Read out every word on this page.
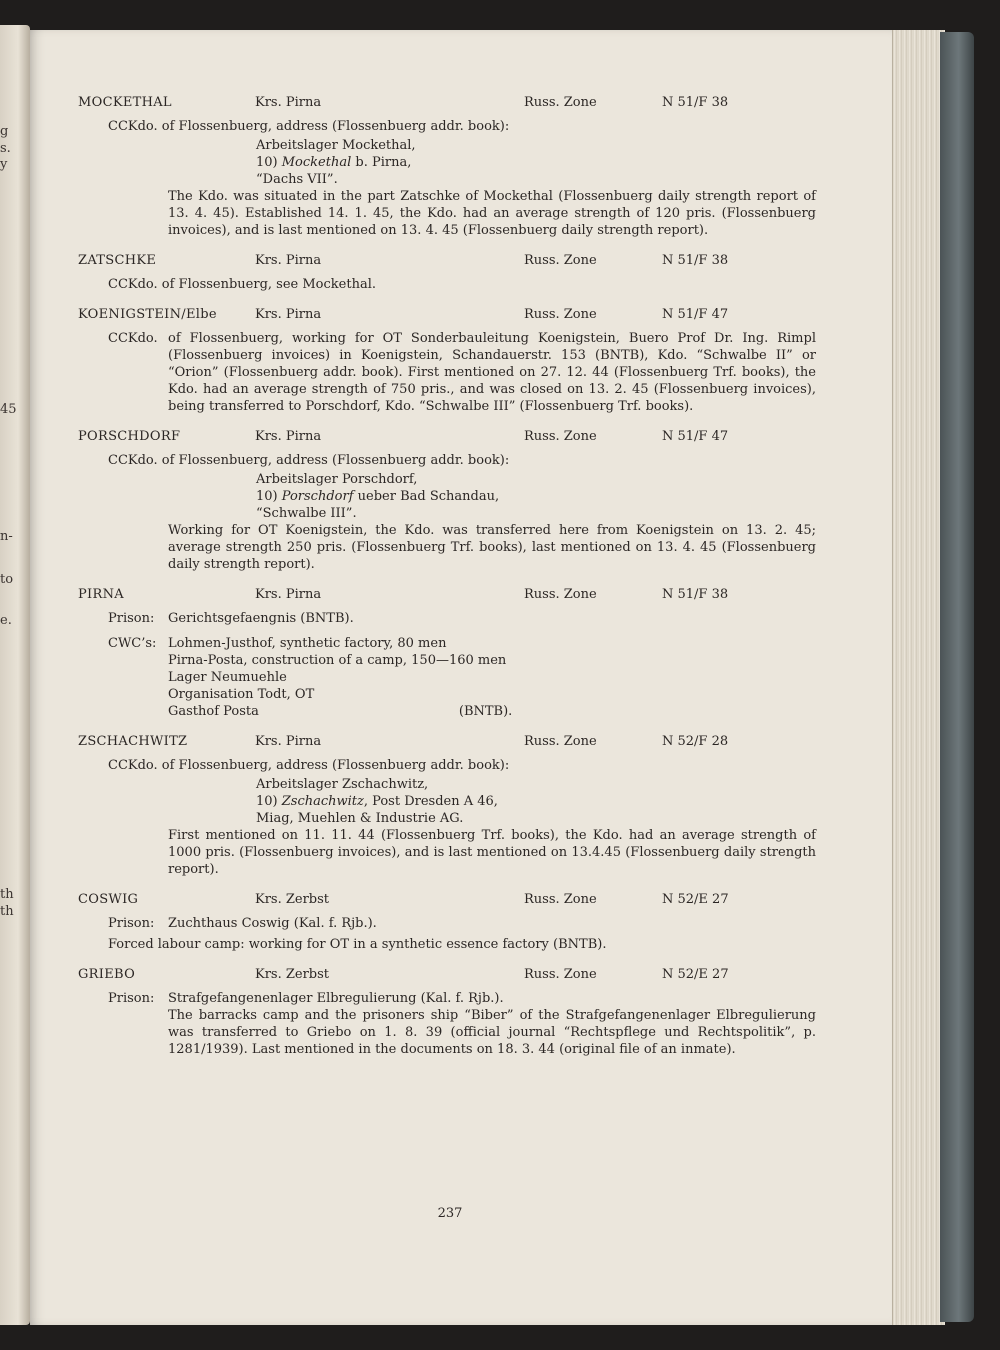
g
s.
y
45
n-
to
e.
th
th
MOCKETHAL	Krs. Pirna	Russ. Zone	N 51/F 38
CCKdo. of Flossenbuerg, address (Flossenbuerg addr. book):
Arbeitslager Mockethal,
10) Mockethal b. Pirna,
“Dachs VII”.
The Kdo. was situated in the part Zatschke of Mockethal (Flossenbuerg daily strength report of 13. 4. 45). Established 14. 1. 45, the Kdo. had an average strength of 120 pris. (Flossenbuerg invoices), and is last mentioned on 13. 4. 45 (Flossenbuerg daily strength report).
ZATSCHKE	Krs. Pirna	Russ. Zone	N 51/F 38
CCKdo. of Flossenbuerg, see Mockethal.
KOENIGSTEIN/Elbe	Krs. Pirna	Russ. Zone	N 51/F 47
CCKdo. of Flossenbuerg, working for OT Sonderbauleitung Koenigstein, Buero Prof Dr. Ing. Rimpl (Flossenbuerg invoices) in Koenigstein, Schandauerstr. 153 (BNTB), Kdo. “Schwalbe II” or “Orion” (Flossenbuerg addr. book). First mentioned on 27. 12. 44 (Flossenbuerg Trf. books), the Kdo. had an average strength of 750 pris., and was closed on 13. 2. 45 (Flossenbuerg invoices), being transferred to Porschdorf, Kdo. “Schwalbe III” (Flossenbuerg Trf. books).
PORSCHDORF	Krs. Pirna	Russ. Zone	N 51/F 47
CCKdo. of Flossenbuerg, address (Flossenbuerg addr. book):
Arbeitslager Porschdorf,
10) Porschdorf ueber Bad Schandau,
“Schwalbe III”.
Working for OT Koenigstein, the Kdo. was transferred here from Koenigstein on 13. 2. 45; average strength 250 pris. (Flossenbuerg Trf. books), last mentioned on 13. 4. 45 (Flossenbuerg daily strength report).
PIRNA	Krs. Pirna	Russ. Zone	N 51/F 38
Prison:	Gerichtsgefaengnis (BNTB).
CWC’s: Lohmen-Justhof, synthetic factory, 80 men
Pirna-Posta, construction of a camp, 150—160 men
Lager Neumuehle
Organisation Todt, OT
Gasthof Posta	(BNTB).
ZSCHACHWITZ	Krs. Pirna	Russ. Zone	N 52/F 28
CCKdo. of Flossenbuerg, address (Flossenbuerg addr. book):
Arbeitslager Zschachwitz,
10) Zschachwitz, Post Dresden A 46,
Miag, Muehlen & Industrie AG.
First mentioned on 11. 11. 44 (Flossenbuerg Trf. books), the Kdo. had an average strength of 1000 pris. (Flossenbuerg invoices), and is last mentioned on 13.4.45 (Flossenbuerg daily strength report).
COSWIG	Krs. Zerbst	Russ. Zone	N 52/E 27
Prison:	Zuchthaus Coswig (Kal. f. Rjb.).
Forced labour camp: working for OT in a synthetic essence factory (BNTB).
GRIEBO	Krs. Zerbst	Russ. Zone	N 52/E 27
Prison:	Strafgefangenenlager Elbregulierung (Kal. f. Rjb.).
The barracks camp and the prisoners ship “Biber” of the Strafgefangenenlager Elbregulierung was transferred to Griebo on 1. 8. 39 (official journal “Rechtspflege und Rechtspolitik”, p. 1281/1939). Last mentioned in the documents on 18. 3. 44 (original file of an inmate).
237
